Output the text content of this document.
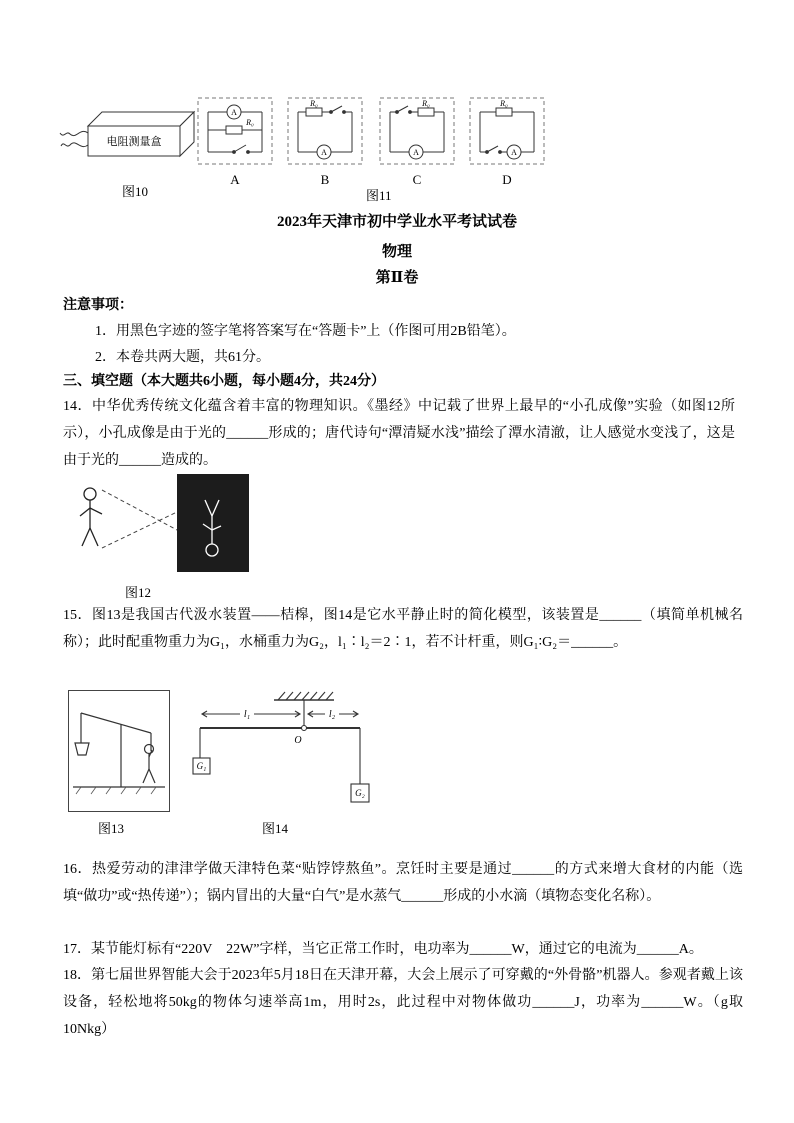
电阻测量盒
图10
A
R₀
A
R₀
A
B
R₀
A
C
R₀
A
D
图11
2023年天津市初中学业水平考试试卷
物理
第Ⅱ卷
注意事项：
1．用黑色字迹的签字笔将答案写在“答题卡”上（作图可用2B铅笔）。
2．本卷共两大题，共61分。
三、填空题（本大题共6小题，每小题4分，共24分）
14．中华优秀传统文化蕴含着丰富的物理知识。《墨经》中记载了世界上最早的“小孔成像”实验（如图12所示），小孔成像是由于光的______形成的；唐代诗句“潭清疑水浅”描绘了潭水清澈，让人感觉水变浅了，这是由于光的______造成的。
图12
15．图13是我国古代汲水装置——桔槔，图14是它水平静止时的简化模型，该装置是______（填简单机械名称）；此时配重物重力为G₁，水桶重力为G₂，l₁∶l₂＝2∶1，若不计杆重，则G₁∶G₂＝______。
图13
l₁	l₂
O
G₁
G₂
图14
16．热爱劳动的津津学做天津特色菜“贴饽饽熬鱼”。烹饪时主要是通过______的方式来增大食材的内能（选填“做功”或“热传递”）；锅内冒出的大量“白气”是水蒸气______形成的小水滴（填物态变化名称）。
17．某节能灯标有“220V　22W”字样，当它正常工作时，电功率为______W，通过它的电流为______A。
18．第七届世界智能大会于2023年5月18日在天津开幕，大会上展示了可穿戴的“外骨骼”机器人。参观者戴上该设备，轻松地将50kg的物体匀速举高1m，用时2s，此过程中对物体做功______J，功率为______W。（g取10Nkg）
